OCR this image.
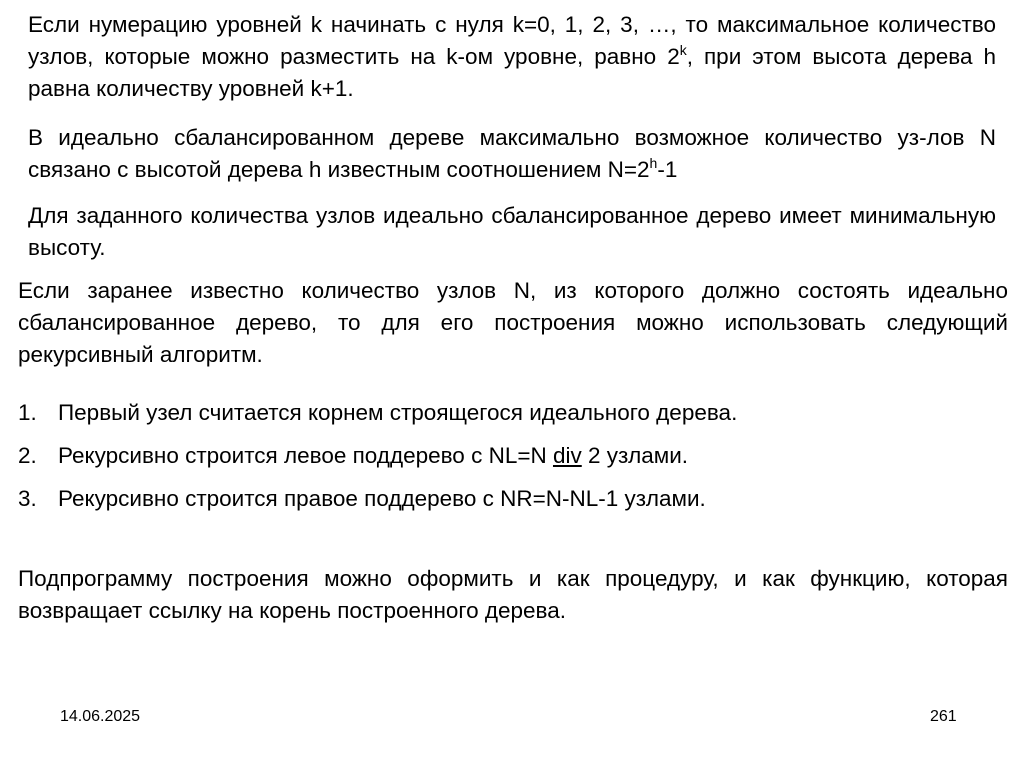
Если нумерацию уровней k начинать с нуля k=0, 1, 2, 3, …, то максимальное количество узлов, которые можно разместить на k-ом уровне, равно 2$^k$, при этом высота дерева h равна количеству уровней k+1.

В идеально сбалансированном дереве максимально возможное количество уз-лов N связано с высотой дерева h известным соотношением $N=2^h-1$

Для заданного количества узлов идеально сбалансированное дерево имеет минимальную высоту.

Если заранее известно количество узлов N, из которого должно состоять идеально сбалансированное дерево, то для его построения можно использовать следующий рекурсивный алгоритм.

1. Первый узел считается корнем строящегося идеального дерева.
2. Рекурсивно строится левое поддерево с NL=N div 2 узлами.
3. Рекурсивно строится правое поддерево с NR=N-NL-1 узлами.

Подпрограмму построения можно оформить и как процедуру, и как функцию, которая возвращает ссылку на корень построенного дерева.

14.06.2025	261
